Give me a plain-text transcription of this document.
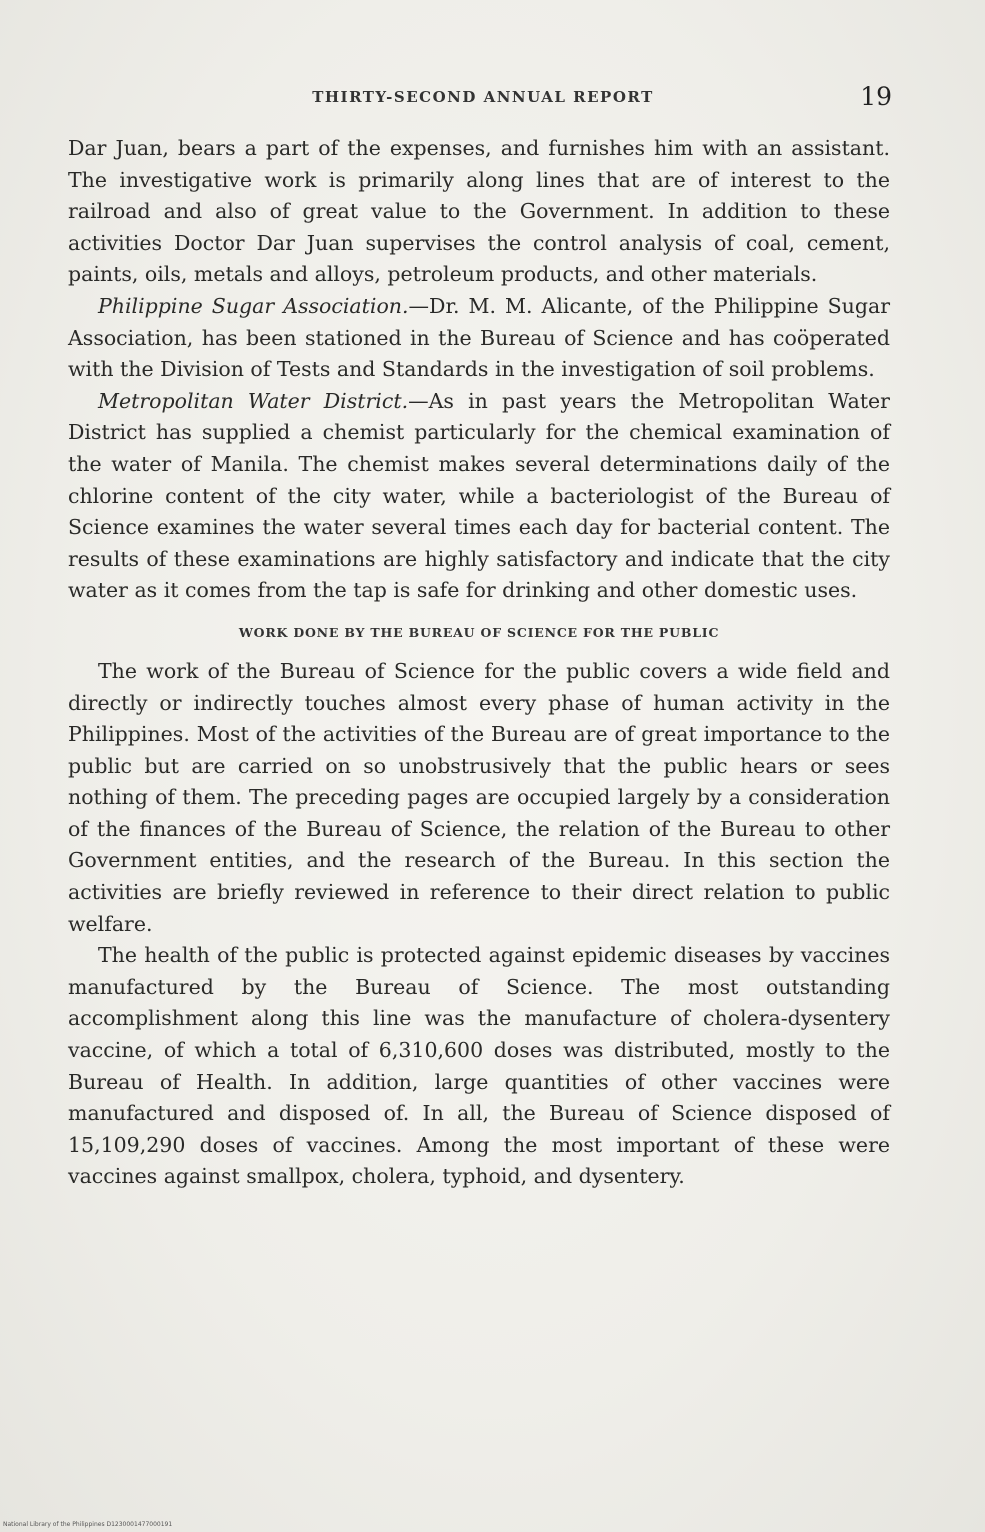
THIRTY-SECOND ANNUAL REPORT	19

Dar Juan, bears a part of the expenses, and furnishes him with an assistant. The investigative work is primarily along lines that are of interest to the railroad and also of great value to the Government. In addition to these activities Doctor Dar Juan supervises the control analysis of coal, cement, paints, oils, metals and alloys, petroleum products, and other materials.

Philippine Sugar Association.—Dr. M. M. Alicante, of the Philippine Sugar Association, has been stationed in the Bureau of Science and has coöperated with the Division of Tests and Standards in the investigation of soil problems.

Metropolitan Water District.—As in past years the Metropolitan Water District has supplied a chemist particularly for the chemical examination of the water of Manila. The chemist makes several determinations daily of the chlorine content of the city water, while a bacteriologist of the Bureau of Science examines the water several times each day for bacterial content. The results of these examinations are highly satisfactory and indicate that the city water as it comes from the tap is safe for drinking and other domestic uses.

WORK DONE BY THE BUREAU OF SCIENCE FOR THE PUBLIC

The work of the Bureau of Science for the public covers a wide field and directly or indirectly touches almost every phase of human activity in the Philippines. Most of the activities of the Bureau are of great importance to the public but are carried on so unobstrusively that the public hears or sees nothing of them. The preceding pages are occupied largely by a consideration of the finances of the Bureau of Science, the relation of the Bureau to other Government entities, and the research of the Bureau. In this section the activities are briefly reviewed in reference to their direct relation to public welfare.

The health of the public is protected against epidemic diseases by vaccines manufactured by the Bureau of Science. The most outstanding accomplishment along this line was the manufacture of cholera-dysentery vaccine, of which a total of 6,310,600 doses was distributed, mostly to the Bureau of Health. In addition, large quantities of other vaccines were manufactured and disposed of. In all, the Bureau of Science disposed of 15,109,290 doses of vaccines. Among the most important of these were vaccines against smallpox, cholera, typhoid, and dysentery.

National Library of the Philippines D1230001477000191
